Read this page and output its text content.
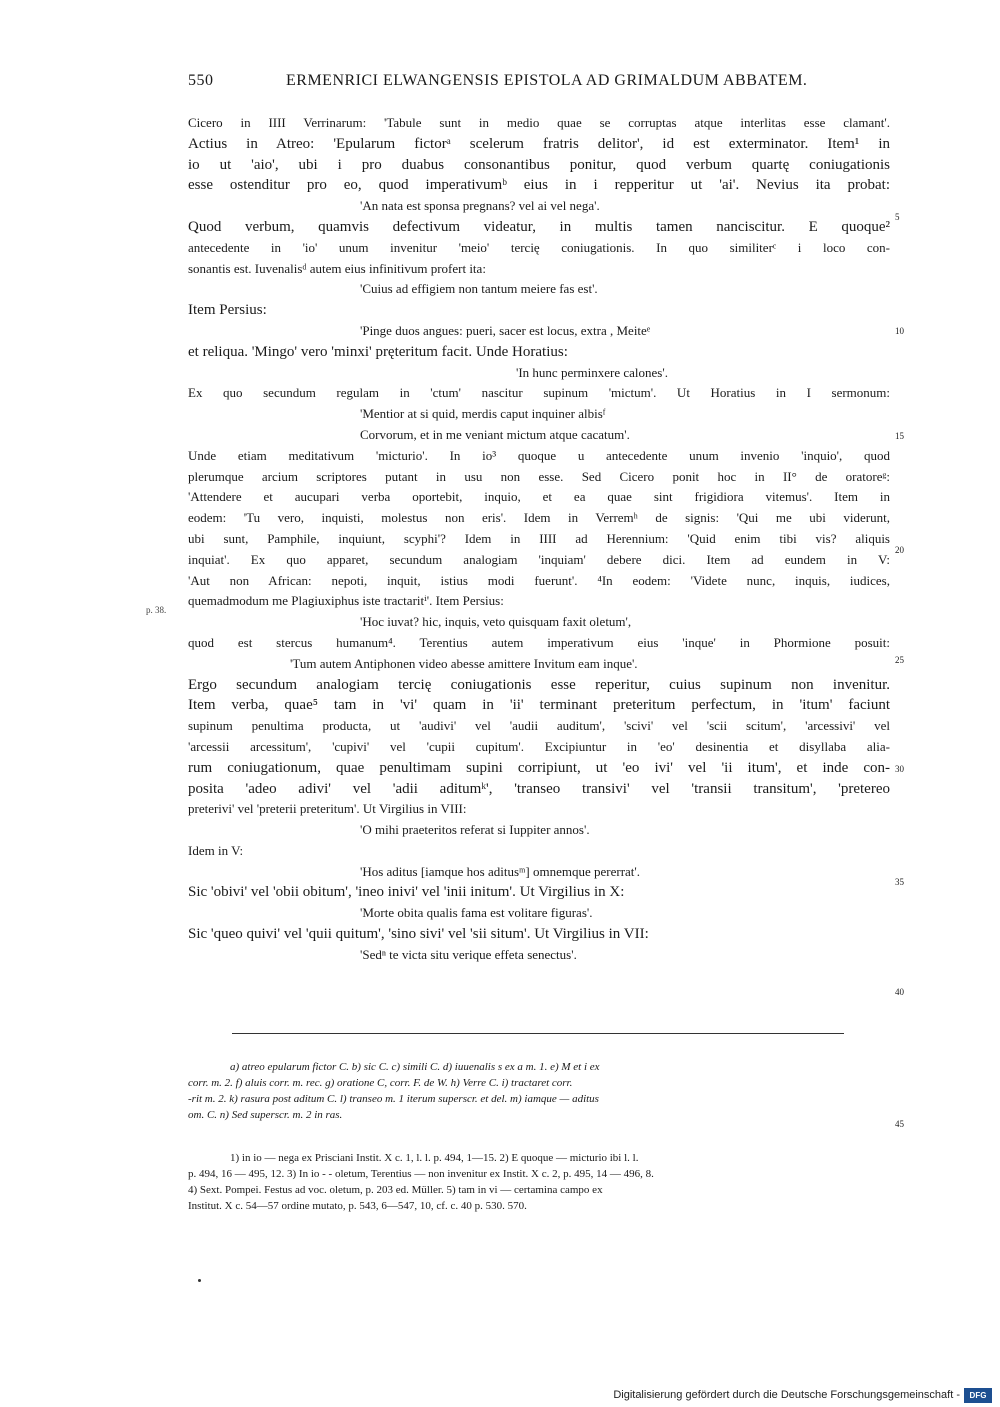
550	ERMENRICI ELWANGENSIS EPISTOLA AD GRIMALDUM ABBATEM.
Cicero in IIII Verrinarum: 'Tabule sunt in medio quae se corruptas atque interlitas esse clamant'.
Actius in Atreo: 'Epularum fictorᵃ scelerum fratris delitor', id est exterminator. Item¹ in
io ut 'aio', ubi i pro duabus consonantibus ponitur, quod verbum quartę coniugationis
esse ostenditur pro eo, quod imperativumᵇ eius in i repperitur ut 'ai'. Nevius ita probat:
'An nata est sponsa pregnans? vel ai vel nega'.
Quod verbum, quamvis defectivum videatur, in multis tamen nanciscitur. E quoque²
antecedente in 'io' unum invenitur 'meio' tercię coniugationis. In quo similiterᶜ i loco con-
sonantis est. Iuvenalisᵈ autem eius infinitivum profert ita:
'Cuius ad effigiem non tantum meiere fas est'.
Item Persius:
'Pinge duos angues: pueri, sacer est locus, extra , Meiteᵉ
et reliqua. 'Mingo' vero 'minxi' pręteritum facit. Unde Horatius:
'In hunc perminxere calones'.
Ex quo secundum regulam in 'ctum' nascitur supinum 'mictum'. Ut Horatius in I sermonum:
'Mentior at si quid, merdis caput inquiner albisᶠ
Corvorum, et in me veniant mictum atque cacatum'.
Unde etiam meditativum 'micturio'. In io³ quoque u antecedente unum invenio 'inquio', quod
plerumque arcium scriptores putant in usu non esse. Sed Cicero ponit hoc in II° de oratoreᵍ:
'Attendere et aucupari verba oportebit, inquio, et ea quae sint frigidiora vitemus'. Item in
eodem: 'Tu vero, inquisti, molestus non eris'. Idem in Verremʰ de signis: 'Qui me ubi viderunt,
ubi sunt, Pamphile, inquiunt, scyphi'? Idem in IIII ad Herennium: 'Quid enim tibi vis? aliquis
inquiat'. Ex quo apparet, secundum analogiam 'inquiam' debere dici. Item ad eundem in V:
'Aut non African: nepoti, inquit, istius modi fuerunt'. ⁴In eodem: 'Videte nunc, inquis, iudices,
quemadmodum me Plagiuxiphus iste tractaritⁱ'. Item Persius:
'Hoc iuvat? hic, inquis, veto quisquam faxit oletum',
quod est stercus humanum⁴. Terentius autem imperativum eius 'inque' in Phormione posuit:
'Tum autem Antiphonen video abesse amittere Invitum eam inque'.
Ergo secundum analogiam tercię coniugationis esse reperitur, cuius supinum non invenitur.
Item verba, quae⁵ tam in 'vi' quam in 'ii' terminant preteritum perfectum, in 'itum' faciunt
supinum penultima producta, ut 'audivi' vel 'audii auditum', 'scivi' vel 'scii scitum', 'arcessivi' vel
'arcessii arcessitum', 'cupivi' vel 'cupii cupitum'. Excipiuntur in 'eo' desinentia et disyllaba alia-
rum coniugationum, quae penultimam supini corripiunt, ut 'eo ivi' vel 'ii itum', et inde con-
posita 'adeo adivi' vel 'adii aditumᵏ', 'transeo transivi' vel 'transii transitum', 'pretereo
preterivi' vel 'preterii preteritum'. Ut Virgilius in VIII:
'O mihi praeteritos referat si Iuppiter annos'.
Idem in V:
'Hos aditus [iamque hos aditusᵐ] omnemque pererrat'.
Sic 'obivi' vel 'obii obitum', 'ineo inivi' vel 'inii initum'. Ut Virgilius in X:
'Morte obita qualis fama est volitare figuras'.
Sic 'queo quivi' vel 'quii quitum', 'sino sivi' vel 'sii situm'. Ut Virgilius in VII:
'Sedⁿ te victa situ verique effeta senectus'.
5
10
15
20
25
30
35
40
45
p. 38.
a) atreo epularum fictor C. b) sic C. c) simili C. d) iuuenalis s ex a m. 1. e) M et i ex
corr. m. 2. f) aluis corr. m. rec. g) oratione C, corr. F. de W. h) Verre C. i) tractaret corr.
-rit m. 2. k) rasura post aditum C. l) transeo m. 1 iterum superscr. et del. m) iamque — aditus
om. C. n) Sed superscr. m. 2 in ras.
1) in io — nega ex Prisciani Instit. X c. 1, l. l. p. 494, 1—15. 2) E quoque — micturio ibi l. l.
p. 494, 16 — 495, 12. 3) In io - - oletum, Terentius — non invenitur ex Instit. X c. 2, p. 495, 14 — 496, 8.
4) Sext. Pompei. Festus ad voc. oletum, p. 203 ed. Müller. 5) tam in vi — certamina campo ex
Institut. X c. 54—57 ordine mutato, p. 543, 6—547, 10, cf. c. 40 p. 530. 570.
Digitalisierung gefördert durch die Deutsche Forschungsgemeinschaft -	DFG
